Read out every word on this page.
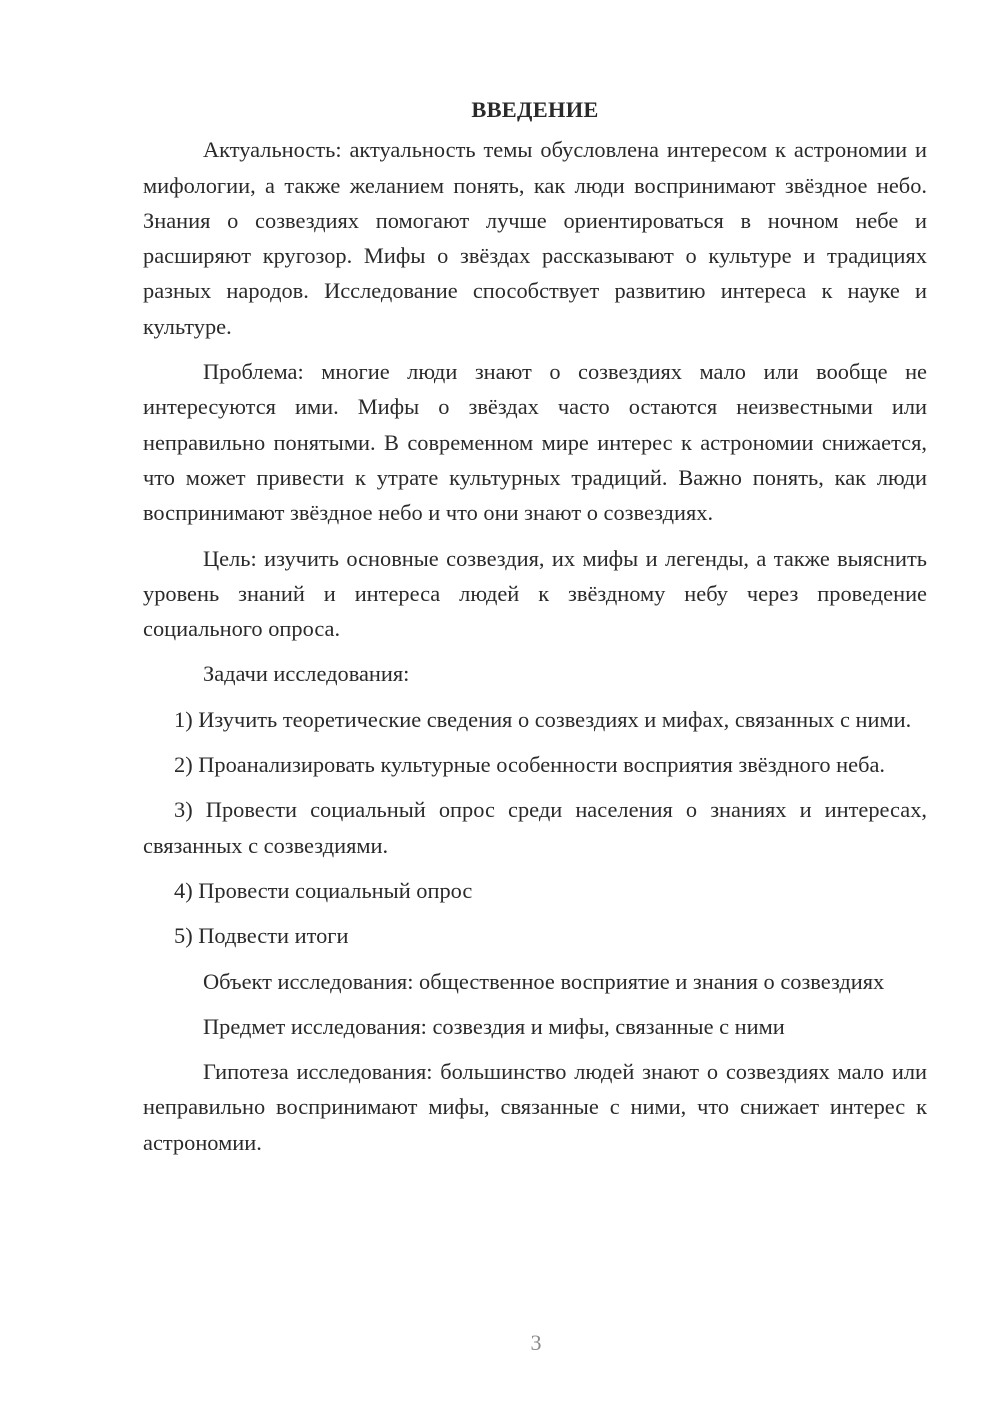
ВВЕДЕНИЕ

Актуальность: актуальность темы обусловлена интересом к астрономии и мифологии, а также желанием понять, как люди воспринимают звёздное небо. Знания о созвездиях помогают лучше ориентироваться в ночном небе и расширяют кругозор. Мифы о звёздах рассказывают о культуре и традициях разных народов. Исследование способствует развитию интереса к науке и культуре.

Проблема: многие люди знают о созвездиях мало или вообще не интересуются ими. Мифы о звёздах часто остаются неизвестными или неправильно понятыми. В современном мире интерес к астрономии снижается, что может привести к утрате культурных традиций. Важно понять, как люди воспринимают звёздное небо и что они знают о созвездиях.

Цель: изучить основные созвездия, их мифы и легенды, а также выяснить уровень знаний и интереса людей к звёздному небу через проведение социального опроса.

Задачи исследования:

1) Изучить теоретические сведения о созвездиях и мифах, связанных с ними.

2) Проанализировать культурные особенности восприятия звёздного неба.

3) Провести социальный опрос среди населения о знаниях и интересах, связанных с созвездиями.

4) Провести социальный опрос

5) Подвести итоги

Объект исследования: общественное восприятие и знания о созвездиях

Предмет исследования: созвездия и мифы, связанные с ними

Гипотеза исследования: большинство людей знают о созвездиях мало или неправильно воспринимают мифы, связанные с ними, что снижает интерес к астрономии.

3
